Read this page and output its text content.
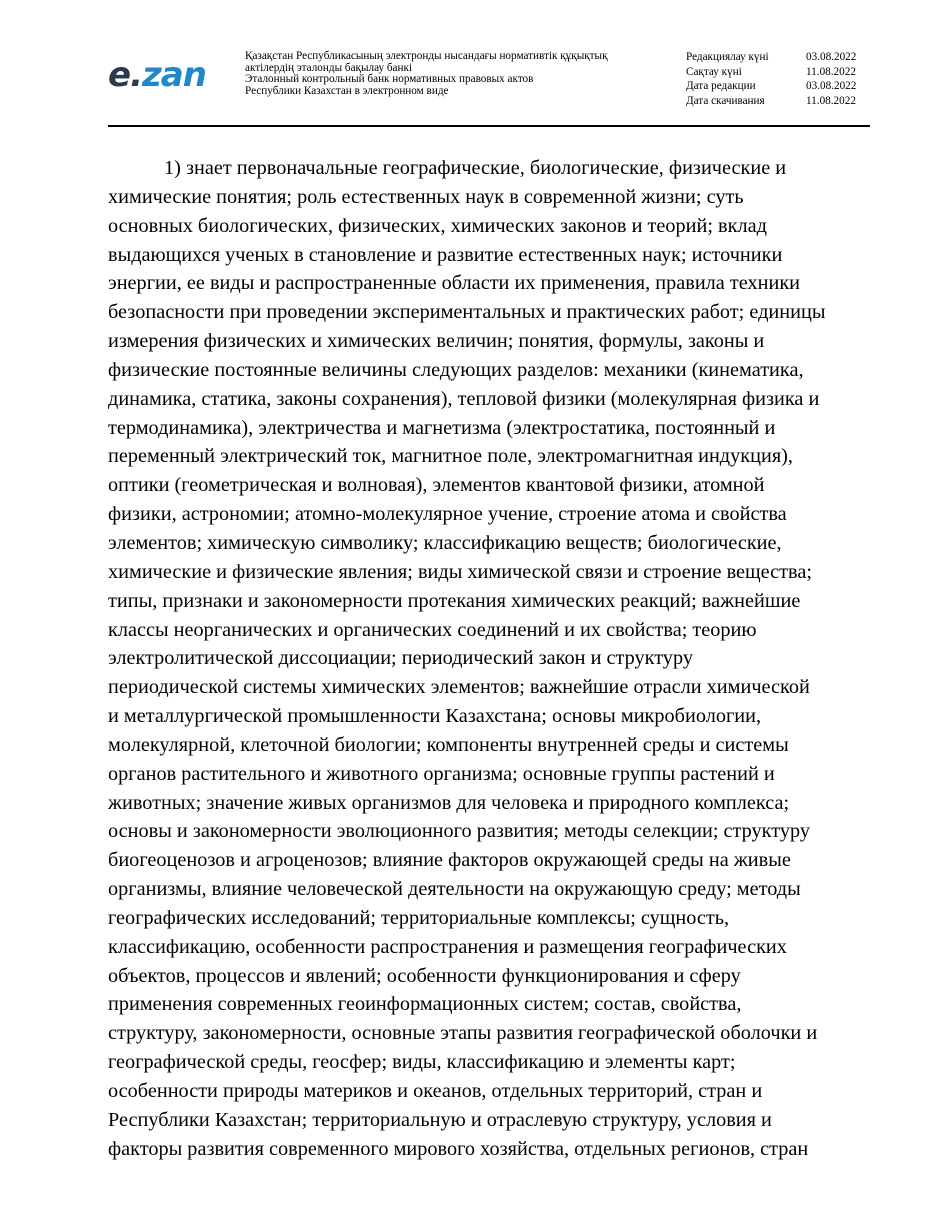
e.zan	Қазақстан Республикасының электронды нысандағы нормативтік құқықтық
актілердің эталонды бақылау банкі
Эталонный контрольный банк нормативных правовых актов
Республики Казахстан в электронном виде
Редакциялау күні	03.08.2022
Сақтау күні	11.08.2022
Дата редакции	03.08.2022
Дата скачивания	11.08.2022
1) знает первоначальные географические, биологические, физические и
химические понятия; роль естественных наук в современной жизни; суть
основных биологических, физических, химических законов и теорий; вклад
выдающихся ученых в становление и развитие естественных наук; источники
энергии, ее виды и распространенные области их применения, правила техники
безопасности при проведении экспериментальных и практических работ; единицы
измерения физических и химических величин; понятия, формулы, законы и
физические постоянные величины следующих разделов: механики (кинематика,
динамика, статика, законы сохранения), тепловой физики (молекулярная физика и
термодинамика), электричества и магнетизма (электростатика, постоянный и
переменный электрический ток, магнитное поле, электромагнитная индукция),
оптики (геометрическая и волновая), элементов квантовой физики, атомной
физики, астрономии; атомно-молекулярное учение, строение атома и свойства
элементов; химическую символику; классификацию веществ; биологические,
химические и физические явления; виды химической связи и строение вещества;
типы, признаки и закономерности протекания химических реакций; важнейшие
классы неорганических и органических соединений и их свойства; теорию
электролитической диссоциации; периодический закон и структуру
периодической системы химических элементов; важнейшие отрасли химической
и металлургической промышленности Казахстана; основы микробиологии,
молекулярной, клеточной биологии; компоненты внутренней среды и системы
органов растительного и животного организма; основные группы растений и
животных; значение живых организмов для человека и природного комплекса;
основы и закономерности эволюционного развития; методы селекции; структуру
биогеоценозов и агроценозов; влияние факторов окружающей среды на живые
организмы, влияние человеческой деятельности на окружающую среду; методы
географических исследований; территориальные комплексы; сущность,
классификацию, особенности распространения и размещения географических
объектов, процессов и явлений; особенности функционирования и сферу
применения современных геоинформационных систем; состав, свойства,
структуру, закономерности, основные этапы развития географической оболочки и
географической среды, геосфер; виды, классификацию и элементы карт;
особенности природы материков и океанов, отдельных территорий, стран и
Республики Казахстан; территориальную и отраслевую структуру, условия и
факторы развития современного мирового хозяйства, отдельных регионов, стран
